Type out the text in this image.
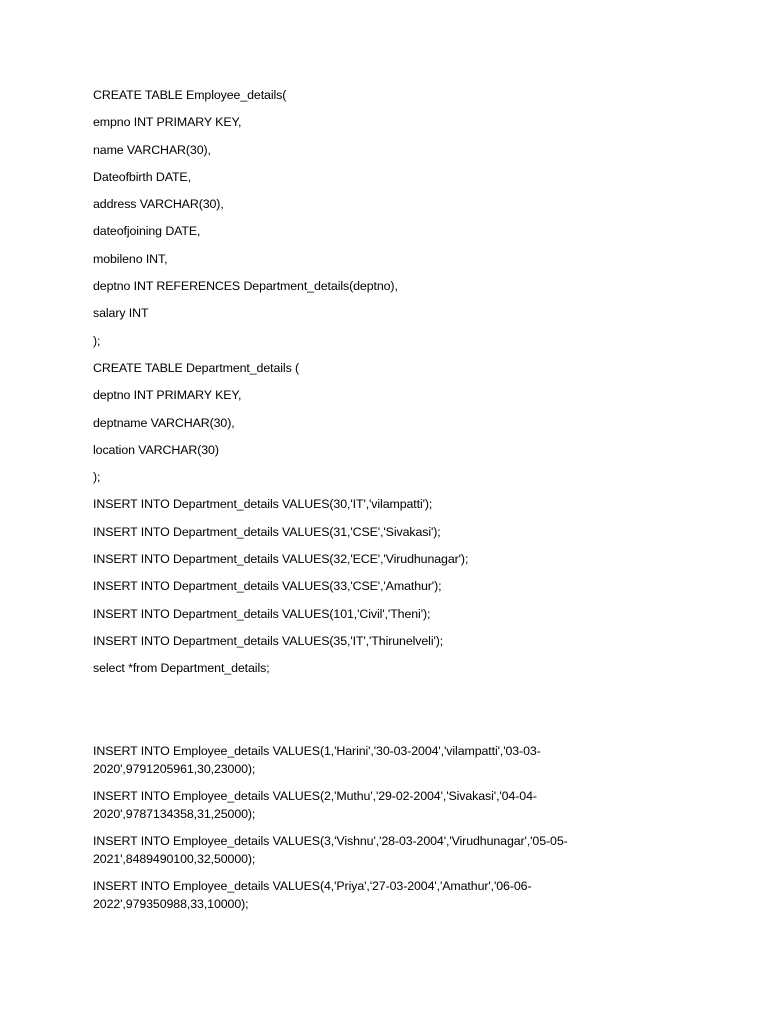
CREATE TABLE Employee_details(

empno INT PRIMARY KEY,

name VARCHAR(30),

Dateofbirth DATE,

address VARCHAR(30),

dateofjoining DATE,

mobileno INT,

deptno INT REFERENCES Department_details(deptno),

salary INT

);

CREATE TABLE Department_details (

deptno INT PRIMARY KEY,

deptname VARCHAR(30),

location VARCHAR(30)

);

INSERT INTO Department_details VALUES(30,'IT','vilampatti');

INSERT INTO Department_details VALUES(31,'CSE','Sivakasi');

INSERT INTO Department_details VALUES(32,'ECE','Virudhunagar');

INSERT INTO Department_details VALUES(33,'CSE','Amathur');

INSERT INTO Department_details VALUES(101,'Civil','Theni');

INSERT INTO Department_details VALUES(35,'IT','Thirunelveli');

select *from Department_details;

INSERT INTO Employee_details VALUES(1,'Harini','30-03-2004','vilampatti','03-03-2020',9791205961,30,23000);

INSERT INTO Employee_details VALUES(2,'Muthu','29-02-2004','Sivakasi','04-04-2020',9787134358,31,25000);

INSERT INTO Employee_details VALUES(3,'Vishnu','28-03-2004','Virudhunagar','05-05-2021',8489490100,32,50000);

INSERT INTO Employee_details VALUES(4,'Priya','27-03-2004','Amathur','06-06-2022',979350988,33,10000);
